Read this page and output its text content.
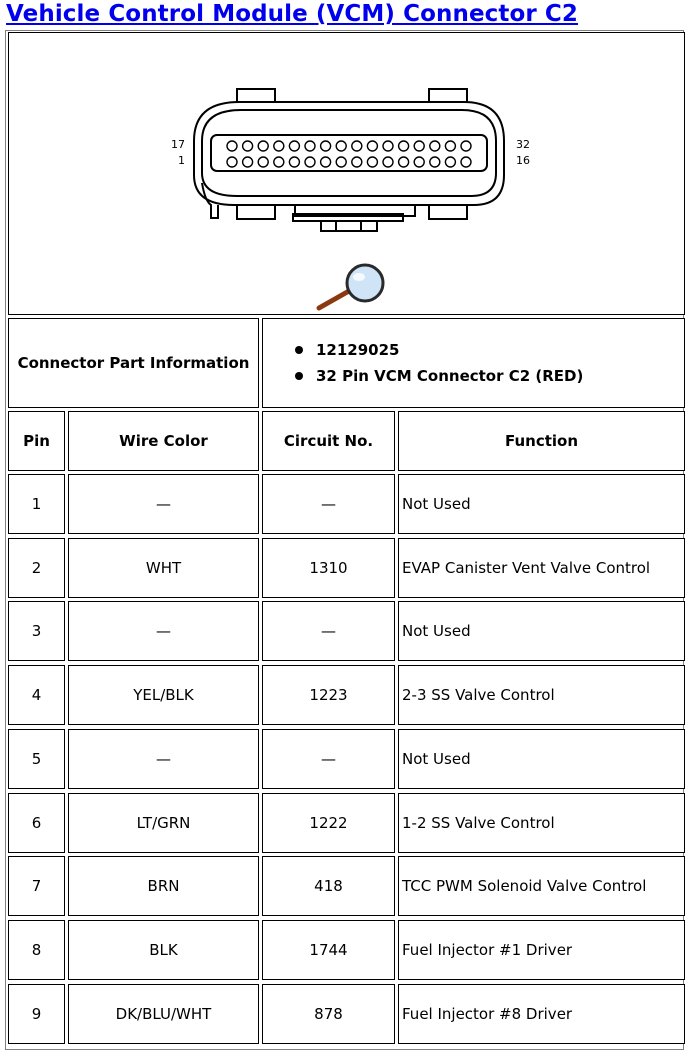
Vehicle Control Module (VCM) Connector C2
17
1
32
16
Connector Part Information
12129025
32 Pin VCM Connector C2 (RED)
Pin	Wire Color	Circuit No.	Function
1	—	—	Not Used
2	WHT	1310	EVAP Canister Vent Valve Control
3	—	—	Not Used
4	YEL/BLK	1223	2-3 SS Valve Control
5	—	—	Not Used
6	LT/GRN	1222	1-2 SS Valve Control
7	BRN	418	TCC PWM Solenoid Valve Control
8	BLK	1744	Fuel Injector #1 Driver
9	DK/BLU/WHT	878	Fuel Injector #8 Driver
